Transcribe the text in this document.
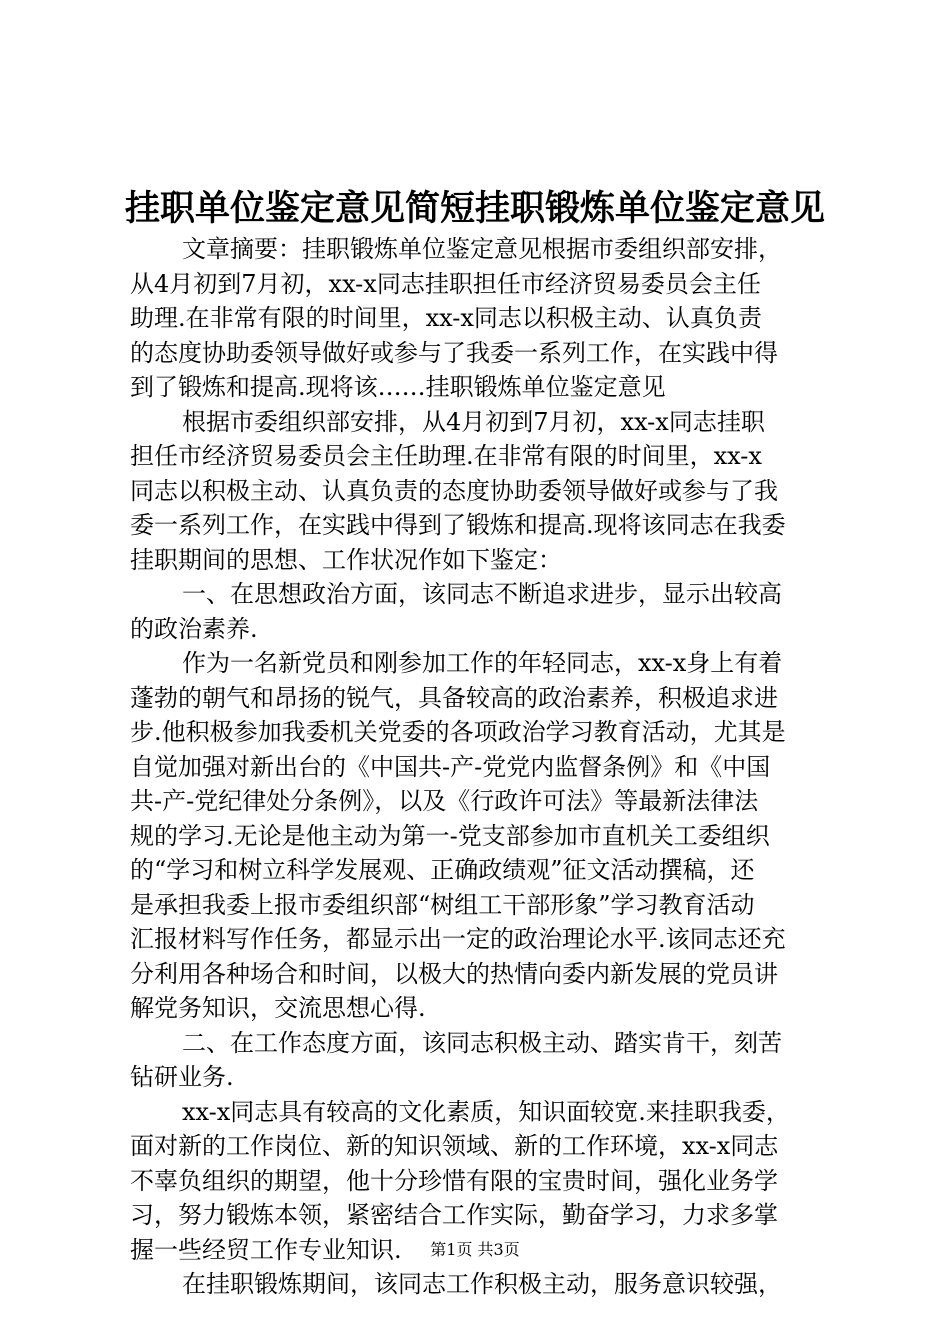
挂职单位鉴定意见简短挂职锻炼单位鉴定意见
文章摘要：挂职锻炼单位鉴定意见根据市委组织部安排，
从4月初到7月初，xx-x同志挂职担任市经济贸易委员会主任
助理.在非常有限的时间里，xx-x同志以积极主动、认真负责
的态度协助委领导做好或参与了我委一系列工作，在实践中得
到了锻炼和提高.现将该……挂职锻炼单位鉴定意见
根据市委组织部安排，从4月初到7月初，xx-x同志挂职
担任市经济贸易委员会主任助理.在非常有限的时间里，xx-x
同志以积极主动、认真负责的态度协助委领导做好或参与了我
委一系列工作，在实践中得到了锻炼和提高.现将该同志在我委
挂职期间的思想、工作状况作如下鉴定：
一、在思想政治方面，该同志不断追求进步，显示出较高
的政治素养.
作为一名新党员和刚参加工作的年轻同志，xx-x身上有着
蓬勃的朝气和昂扬的锐气，具备较高的政治素养，积极追求进
步.他积极参加我委机关党委的各项政治学习教育活动，尤其是
自觉加强对新出台的《中国共-产-党党内监督条例》和《中国
共-产-党纪律处分条例》，以及《行政许可法》等最新法律法
规的学习.无论是他主动为第一-党支部参加市直机关工委组织
的“学习和树立科学发展观、正确政绩观”征文活动撰稿，还
是承担我委上报市委组织部“树组工干部形象”学习教育活动
汇报材料写作任务，都显示出一定的政治理论水平.该同志还充
分利用各种场合和时间，以极大的热情向委内新发展的党员讲
解党务知识，交流思想心得.
二、在工作态度方面，该同志积极主动、踏实肯干，刻苦
钻研业务.
xx-x同志具有较高的文化素质，知识面较宽.来挂职我委，
面对新的工作岗位、新的知识领域、新的工作环境，xx-x同志
不辜负组织的期望，他十分珍惜有限的宝贵时间，强化业务学
习，努力锻炼本领，紧密结合工作实际，勤奋学习，力求多掌
握一些经贸工作专业知识.
在挂职锻炼期间，该同志工作积极主动，服务意识较强，
第1页 共3页
